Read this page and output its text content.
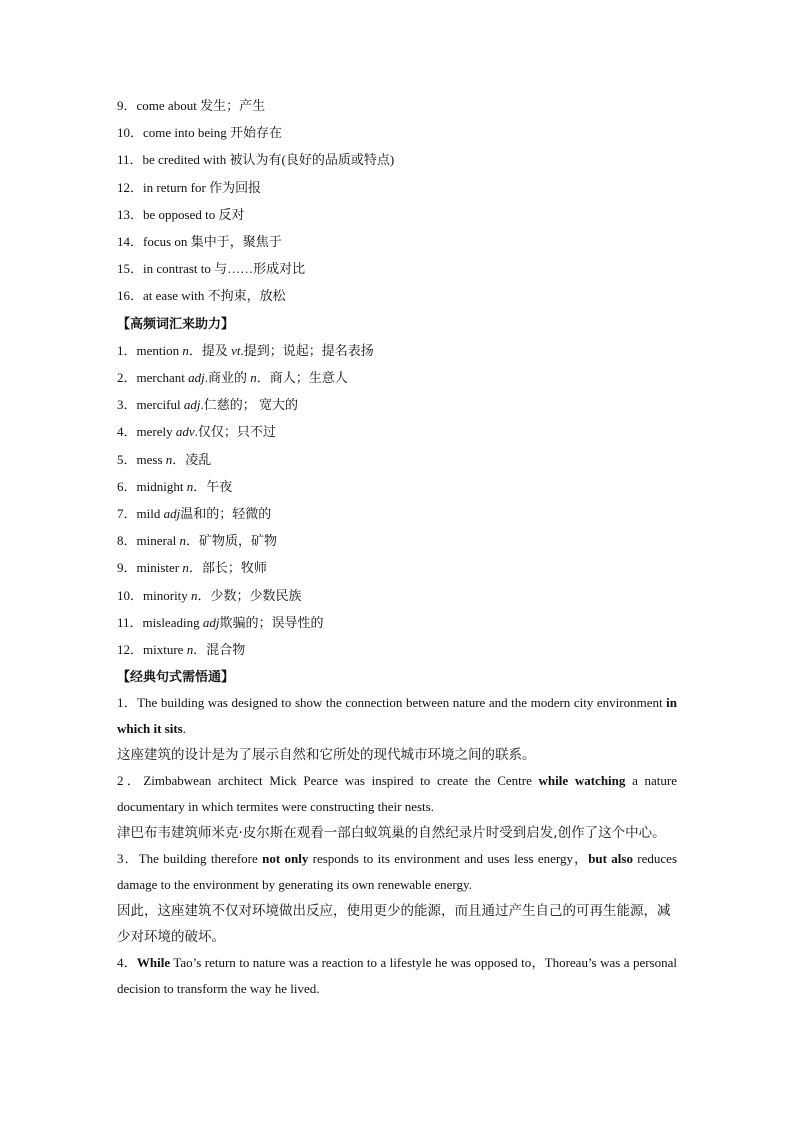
9．come about 发生；产生
10．come into being 开始存在
11．be credited with 被认为有(良好的品质或特点)
12．in return for 作为回报
13．be opposed to 反对
14．focus on 集中于，聚焦于
15．in contrast to 与……形成对比
16．at ease with 不拘束，放松
【高频词汇来助力】
1．mention n．提及 vt.提到；说起；提名表扬
2．merchant adj.商业的 n．商人；生意人
3．merciful adj.仁慈的； 宽大的
4．merely adv.仅仅；只不过
5．mess n．凌乱
6．midnight n．午夜
7．mild adj温和的；轻微的
8．mineral n．矿物质，矿物
9．minister n．部长；牧师
10．minority n．少数；少数民族
11．misleading adj欺骗的；误导性的
12．mixture n．混合物
【经典句式需悟通】
1．The building was designed to show the connection between nature and the modern city environment in which it sits.
这座建筑的设计是为了展示自然和它所处的现代城市环境之间的联系。
2．Zimbabwean architect Mick Pearce was inspired to create the Centre while watching a nature documentary in which termites were constructing their nests.
津巴布韦建筑师米克·皮尔斯在观看一部白蚁筑巢的自然纪录片时受到启发,创作了这个中心。
3．The building therefore not only responds to its environment and uses less energy，but also reduces damage to the environment by generating its own renewable energy.
因此，这座建筑不仅对环境做出反应，使用更少的能源，而且通过产生自己的可再生能源，减少对环境的破坏。
4．While Tao’s return to nature was a reaction to a lifestyle he was opposed to，Thoreau’s was a personal decision to transform the way he lived.
